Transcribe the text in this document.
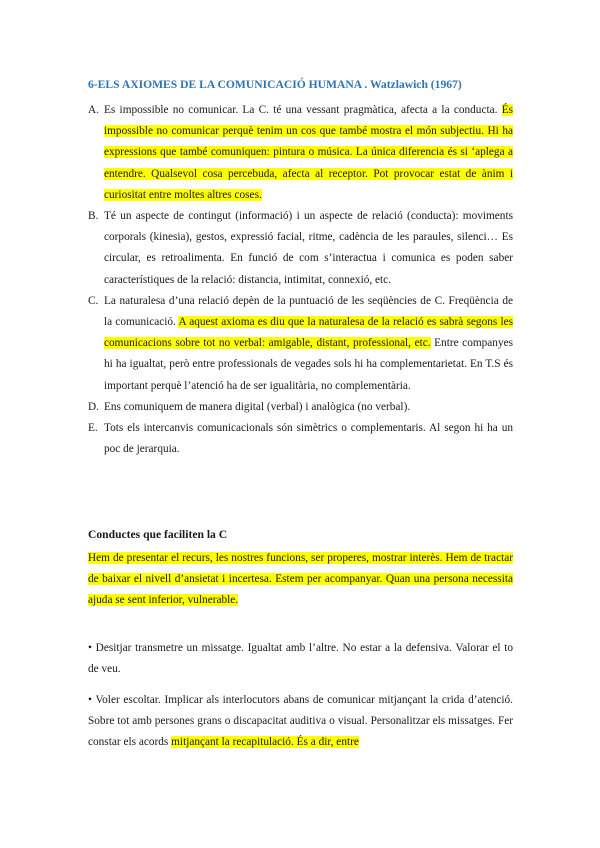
6-ELS AXIOMES DE LA COMUNICACIÓ HUMANA . Watzlawich (1967)
A. Es impossible no comunicar. La C. té una vessant pragmàtica, afecta a la conducta. És impossible no comunicar perquè tenim un cos que també mostra el món subjectiu. Hi ha expressions que també comuniquen: pintura o música. La única diferencia és si ‘aplega a entendre. Qualsevol cosa percebuda, afecta al receptor. Pot provocar estat de ànim i curiositat entre moltes altres coses.
B. Té un aspecte de contingut (informació) i un aspecte de relació (conducta): moviments corporals (kinesia), gestos, expressió facial, ritme, cadència de les paraules, silenci… Es circular, es retroalimenta. En funció de com s’interactua i comunica es poden saber característiques de la relació: distancia, intimitat, connexió, etc.
C. La naturalesa d’una relació depèn de la puntuació de les seqüències de C. Freqüència de la comunicació. A aquest axioma es diu que la naturalesa de la relació es sabrà segons les comunicacions sobre tot no verbal: amigable, distant, professional, etc. Entre companyes hi ha igualtat, però entre professionals de vegades sols hi ha complementarietat. En T.S és important perquè l’atenció ha de ser igualitària, no complementària.
D. Ens comuniquem de manera digital (verbal) i analògica (no verbal).
E. Tots els intercanvis comunicacionals són simètrics o complementaris. Al segon hi ha un poc de jerarquia.
Conductes que faciliten la C

Hem de presentar el recurs, les nostres funcions, ser properes, mostrar interès. Hem de tractar de baixar el nivell d’ansietat i incertesa. Estem per acompanyar. Quan una persona necessita ajuda se sent inferior, vulnerable.

• Desitjar transmetre un missatge. Igualtat amb l’altre. No estar a la defensiva. Valorar el to de veu.

• Voler escoltar. Implicar als interlocutors abans de comunicar mitjançant la crida d’atenció. Sobre tot amb persones grans o discapacitat auditiva o visual. Personalitzar els missatges. Fer constar els acords mitjançant la recapitulació. És a dir, entre
